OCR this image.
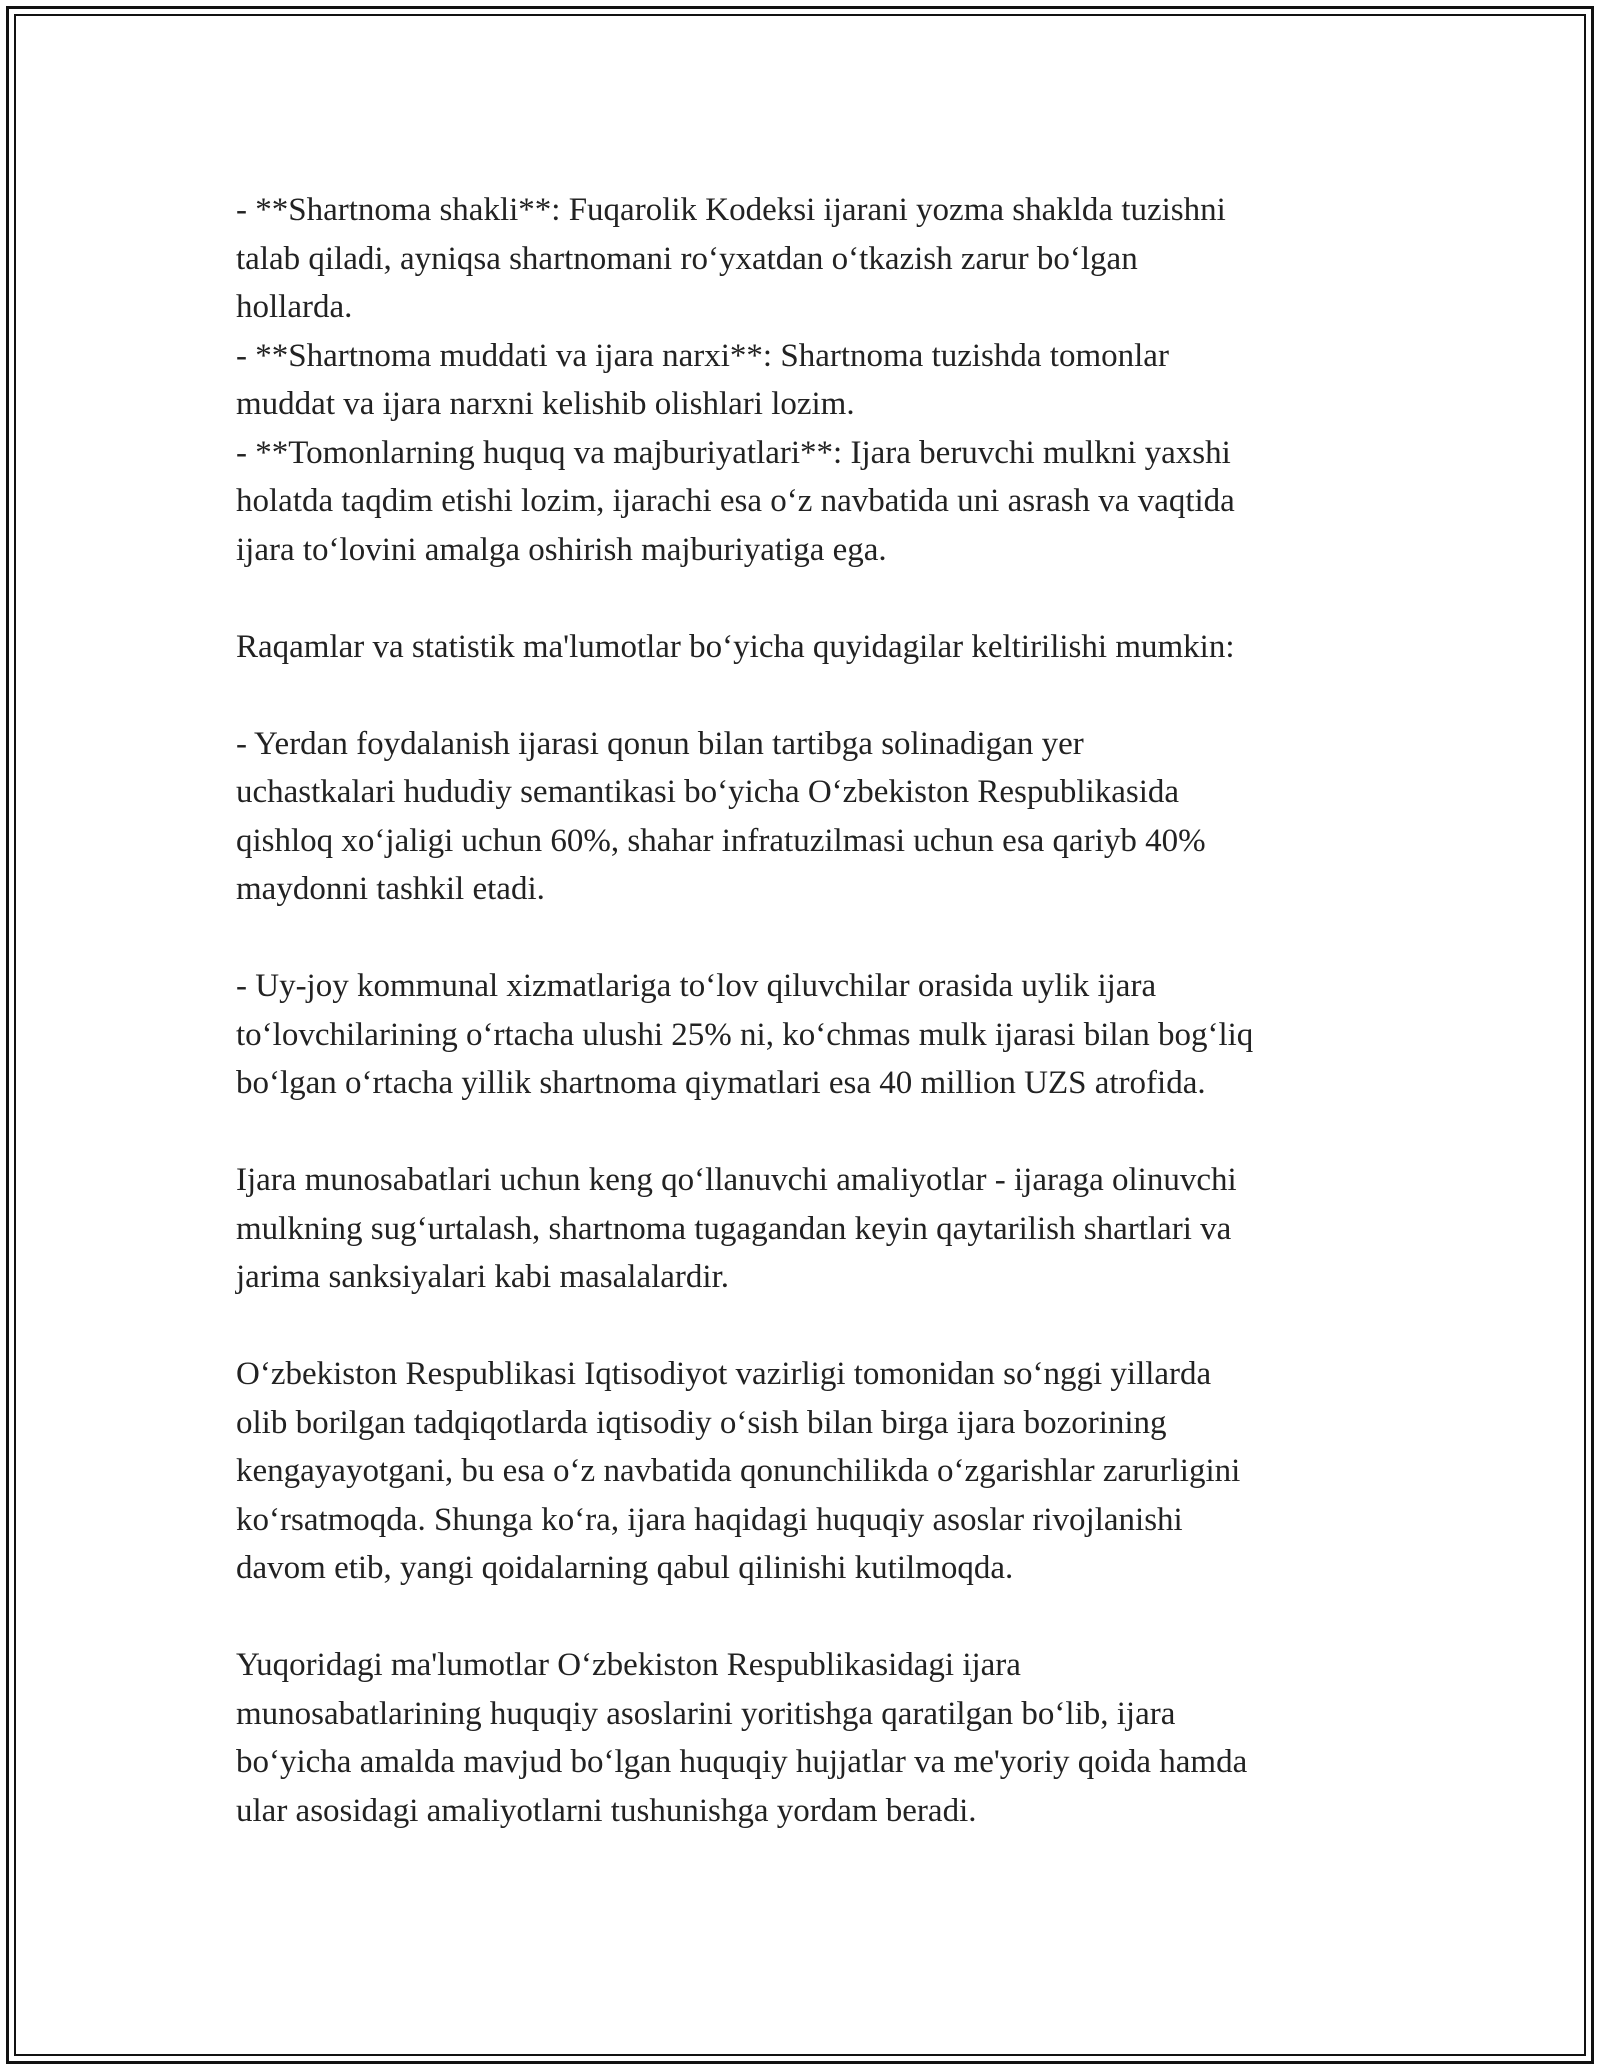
- **Shartnoma shakli**: Fuqarolik Kodeksi ijarani yozma shaklda tuzishni
talab qiladi, ayniqsa shartnomani ro‘yxatdan o‘tkazish zarur bo‘lgan
hollarda.
- **Shartnoma muddati va ijara narxi**: Shartnoma tuzishda tomonlar
muddat va ijara narxni kelishib olishlari lozim.
- **Tomonlarning huquq va majburiyatlari**: Ijara beruvchi mulkni yaxshi
holatda taqdim etishi lozim, ijarachi esa o‘z navbatida uni asrash va vaqtida
ijara to‘lovini amalga oshirish majburiyatiga ega.

Raqamlar va statistik ma'lumotlar bo‘yicha quyidagilar keltirilishi mumkin:

- Yerdan foydalanish ijarasi qonun bilan tartibga solinadigan yer
uchastkalari hududiy semantikasi bo‘yicha O‘zbekiston Respublikasida
qishloq xo‘jaligi uchun 60%, shahar infratuzilmasi uchun esa qariyb 40%
maydonni tashkil etadi.

- Uy-joy kommunal xizmatlariga to‘lov qiluvchilar orasida uylik ijara
to‘lovchilarining o‘rtacha ulushi 25% ni, ko‘chmas mulk ijarasi bilan bog‘liq
bo‘lgan o‘rtacha yillik shartnoma qiymatlari esa 40 million UZS atrofida.

Ijara munosabatlari uchun keng qo‘llanuvchi amaliyotlar - ijaraga olinuvchi
mulkning sug‘urtalash, shartnoma tugagandan keyin qaytarilish shartlari va
jarima sanksiyalari kabi masalalardir.

O‘zbekiston Respublikasi Iqtisodiyot vazirligi tomonidan so‘nggi yillarda
olib borilgan tadqiqotlarda iqtisodiy o‘sish bilan birga ijara bozorining
kengayayotgani, bu esa o‘z navbatida qonunchilikda o‘zgarishlar zarurligini
ko‘rsatmoqda. Shunga ko‘ra, ijara haqidagi huquqiy asoslar rivojlanishi
davom etib, yangi qoidalarning qabul qilinishi kutilmoqda.

Yuqoridagi ma'lumotlar O‘zbekiston Respublikasidagi ijara
munosabatlarining huquqiy asoslarini yoritishga qaratilgan bo‘lib, ijara
bo‘yicha amalda mavjud bo‘lgan huquqiy hujjatlar va me'yoriy qoida hamda
ular asosidagi amaliyotlarni tushunishga yordam beradi.
